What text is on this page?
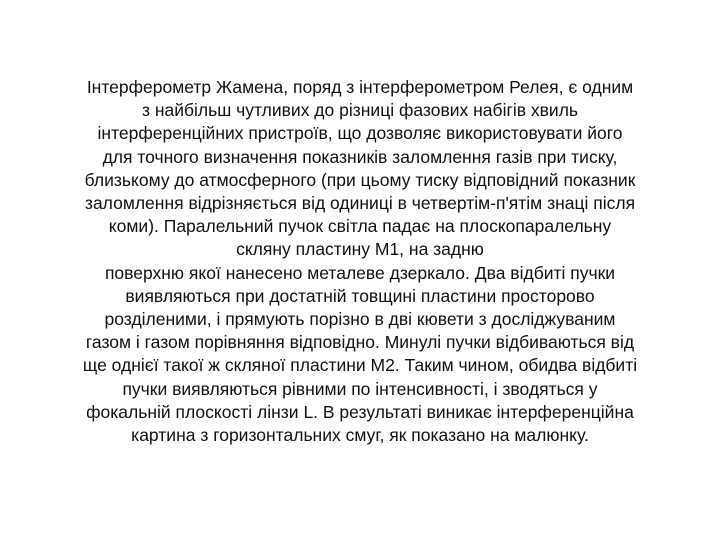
Інтерферометр Жамена, поряд з інтерферометром Релея, є одним
з найбільш чутливих до різниці фазових набігів хвиль
інтерференційних пристроїв, що дозволяє використовувати його
для точного визначення показників заломлення газів при тиску,
близькому до атмосферного (при цьому тиску відповідний показник
заломлення відрізняється від одиниці в четвертім-п'ятім знаці після
коми). Паралельний пучок світла падає на плоскопаралельну
скляну пластину М1, на задню
поверхню якої нанесено металеве дзеркало. Два відбиті пучки
виявляються при достатній товщині пластини просторово
розділеними, і прямують порізно в дві кювети з досліджуваним
газом і газом порівняння відповідно. Минулі пучки відбиваються від
ще однієї такої ж скляної пластини М2. Таким чином, обидва відбиті
пучки виявляються рівними по інтенсивності, і зводяться у
фокальній плоскості лінзи L. В результаті виникає інтерференційна
картина з горизонтальних смуг, як показано на малюнку.
